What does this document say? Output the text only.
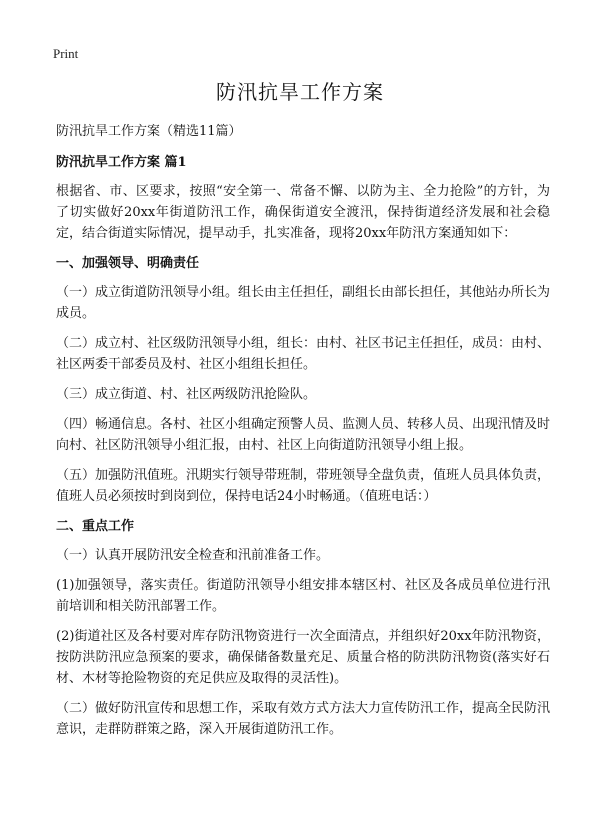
Print
防汛抗旱工作方案

防汛抗旱工作方案（精选11篇）

防汛抗旱工作方案 篇1

根据省、市、区要求，按照“安全第一、常备不懈、以防为主、全力抢险”的方针，为了切实做好20xx年街道防汛工作，确保街道安全渡汛，保持街道经济发展和社会稳定，结合街道实际情况，提早动手，扎实准备，现将20xx年防汛方案通知如下：

一、加强领导、明确责任

（一）成立街道防汛领导小组。组长由主任担任，副组长由部长担任，其他站办所长为成员。

（二）成立村、社区级防汛领导小组，组长：由村、社区书记主任担任，成员：由村、社区两委干部委员及村、社区小组组长担任。

（三）成立街道、村、社区两级防汛抢险队。

（四）畅通信息。各村、社区小组确定预警人员、监测人员、转移人员、出现汛情及时向村、社区防汛领导小组汇报，由村、社区上向街道防汛领导小组上报。

（五）加强防汛值班。汛期实行领导带班制，带班领导全盘负责，值班人员具体负责，值班人员必须按时到岗到位，保持电话24小时畅通。（值班电话：）

二、重点工作

（一）认真开展防汛安全检查和汛前准备工作。

(1)加强领导，落实责任。街道防汛领导小组安排本辖区村、社区及各成员单位进行汛前培训和相关防汛部署工作。

(2)街道社区及各村要对库存防汛物资进行一次全面清点，并组织好20xx年防汛物资，按防洪防汛应急预案的要求，确保储备数量充足、质量合格的防洪防汛物资(落实好石材、木材等抢险物资的充足供应及取得的灵活性)。

（二）做好防汛宣传和思想工作，采取有效方式方法大力宣传防汛工作，提高全民防汛意识，走群防群策之路，深入开展街道防汛工作。
